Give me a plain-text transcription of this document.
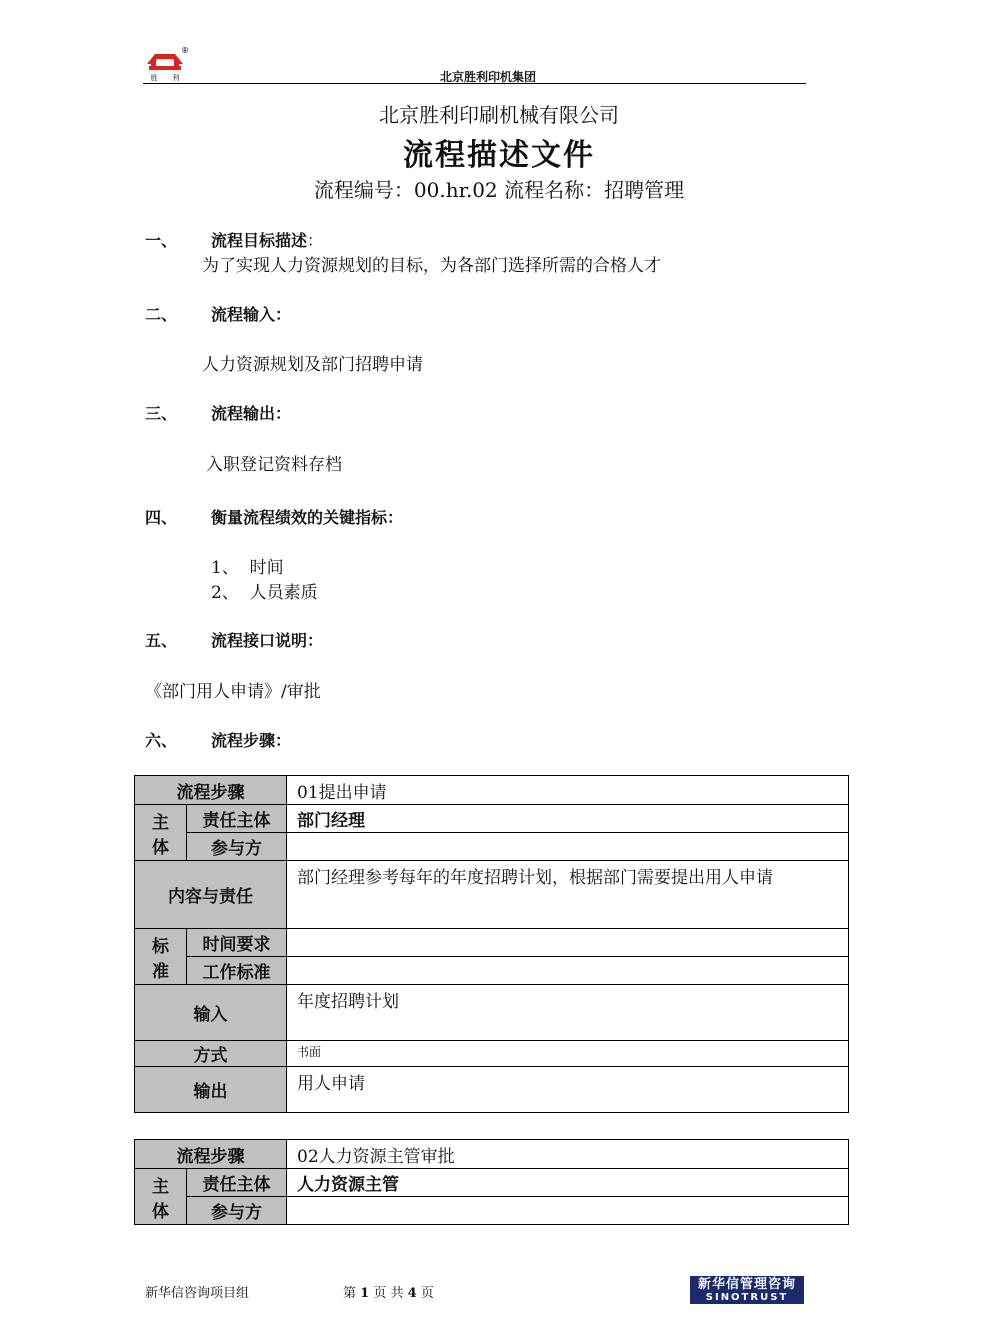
®
胜 利	北京胜利印机集团
北京胜利印刷机械有限公司
流程描述文件
流程编号：00.hr.02 流程名称：招聘管理
一、 流程目标描述：
为了实现人力资源规划的目标，为各部门选择所需的合格人才
二、 流程输入：
人力资源规划及部门招聘申请
三、 流程输出：
入职登记资料存档
四、 衡量流程绩效的关键指标：
1、  时间
2、  人员素质
五、 流程接口说明：
《部门用人申请》/审批
六、 流程步骤：
流程步骤		01提出申请
主
体	责任主体	部门经理
	参与方	
内容与责任		部门经理参考每年的年度招聘计划，根据部门需要提出用人申请
标
准	时间要求	
	工作标准	
输入		年度招聘计划
方式		书面
输出		用人申请
流程步骤		02人力资源主管审批
主
体	责任主体	人力资源主管
	参与方	
新华信咨询项目组	第 1 页 共 4 页
新华信管理咨询
SINOTRUST
